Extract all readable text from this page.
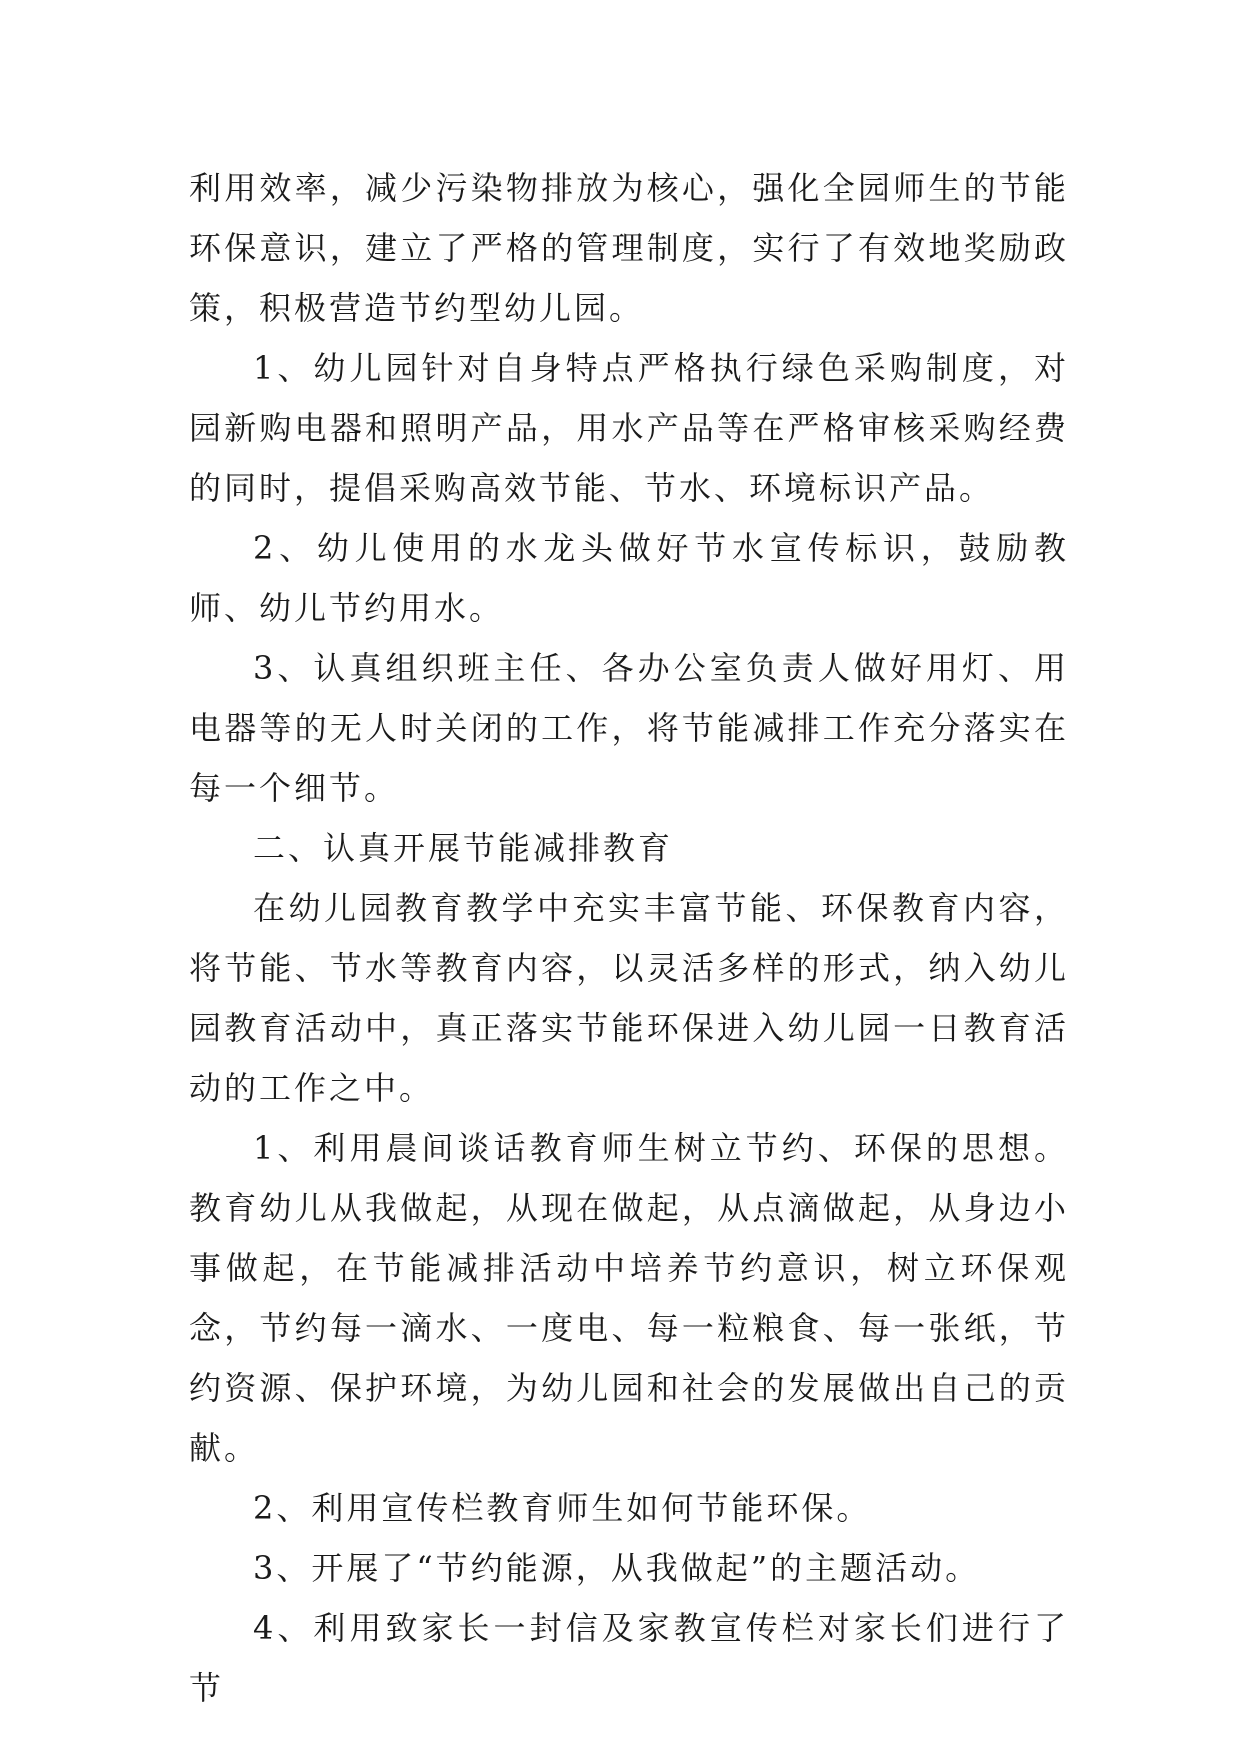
利用效率，减少污染物排放为核心，强化全园师生的节能环保意识，建立了严格的管理制度，实行了有效地奖励政策，积极营造节约型幼儿园。

1、幼儿园针对自身特点严格执行绿色采购制度，对园新购电器和照明产品，用水产品等在严格审核采购经费的同时，提倡采购高效节能、节水、环境标识产品。

2、幼儿使用的水龙头做好节水宣传标识，鼓励教师、幼儿节约用水。

3、认真组织班主任、各办公室负责人做好用灯、用电器等的无人时关闭的工作，将节能减排工作充分落实在每一个细节。

二、认真开展节能减排教育

在幼儿园教育教学中充实丰富节能、环保教育内容，将节能、节水等教育内容，以灵活多样的形式，纳入幼儿园教育活动中，真正落实节能环保进入幼儿园一日教育活动的工作之中。

1、利用晨间谈话教育师生树立节约、环保的思想。教育幼儿从我做起，从现在做起，从点滴做起，从身边小事做起，在节能减排活动中培养节约意识，树立环保观念，节约每一滴水、一度电、每一粒粮食、每一张纸，节约资源、保护环境，为幼儿园和社会的发展做出自己的贡献。

2、利用宣传栏教育师生如何节能环保。

3、开展了“节约能源，从我做起”的主题活动。

4、利用致家长一封信及家教宣传栏对家长们进行了节
